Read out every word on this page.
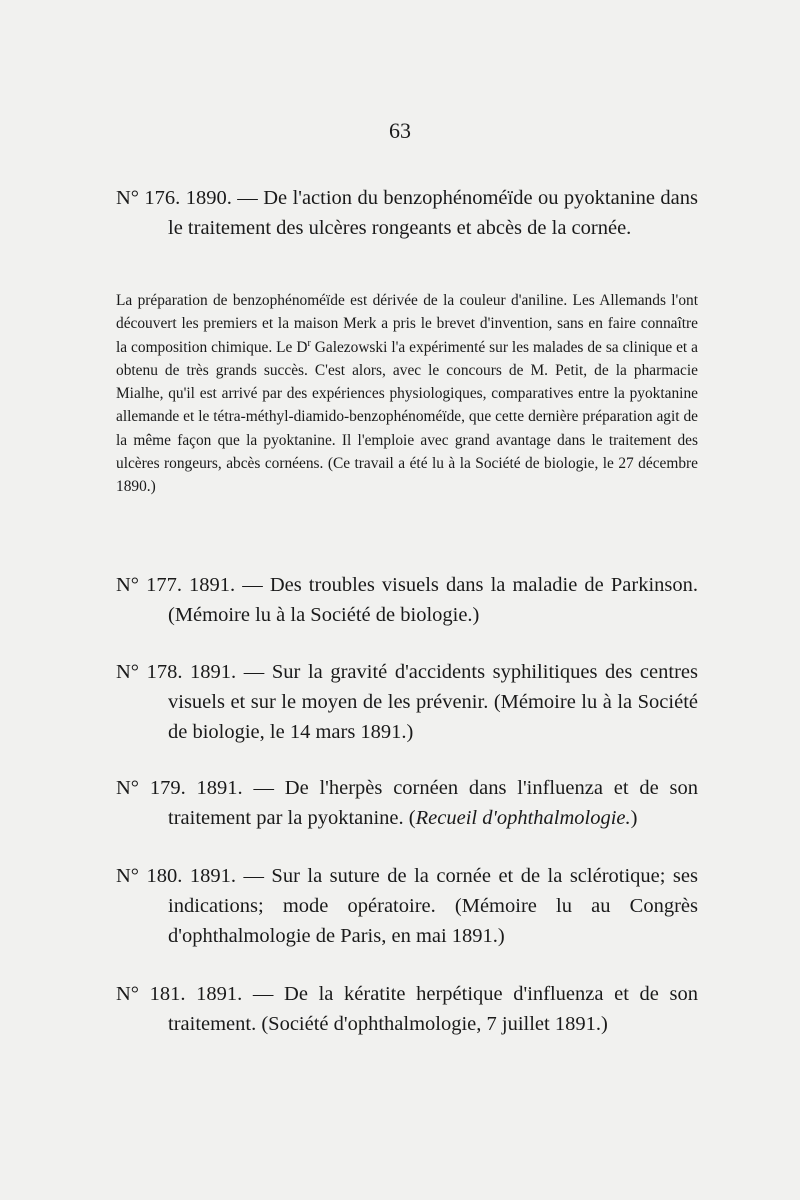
63
N° 176. 1890. — De l'action du benzophénoméïde ou pyoktanine dans le traitement des ulcères rongeants et abcès de la cornée.
La préparation de benzophénoméïde est dérivée de la couleur d'aniline. Les Allemands l'ont découvert les premiers et la maison Merk a pris le brevet d'invention, sans en faire connaître la composition chimique. Le $D^r$ Galezowski l'a expérimenté sur les malades de sa clinique et a obtenu de très grands succès. C'est alors, avec le concours de M. Petit, de la pharmacie Mialhe, qu'il est arrivé par des expériences physiologiques, comparatives entre la pyoktanine allemande et le tétra-méthyl-diamido-benzophénoméïde, que cette dernière préparation agit de la même façon que la pyoktanine. Il l'emploie avec grand avantage dans le traitement des ulcères rongeurs, abcès cornéens. (Ce travail a été lu à la Société de biologie, le 27 décembre 1890.)
N° 177. 1891. — Des troubles visuels dans la maladie de Parkinson. (Mémoire lu à la Société de biologie.)
N° 178. 1891. — Sur la gravité d'accidents syphilitiques des centres visuels et sur le moyen de les prévenir. (Mémoire lu à la Société de biologie, le 14 mars 1891.)
N° 179. 1891. — De l'herpès cornéen dans l'influenza et de son traitement par la pyoktanine. (Recueil d'ophthalmologie.)
N° 180. 1891. — Sur la suture de la cornée et de la sclérotique; ses indications; mode opératoire. (Mémoire lu au Congrès d'ophthalmologie de Paris, en mai 1891.)
N° 181. 1891. — De la kératite herpétique d'influenza et de son traitement. (Société d'ophthalmologie, 7 juillet 1891.)
